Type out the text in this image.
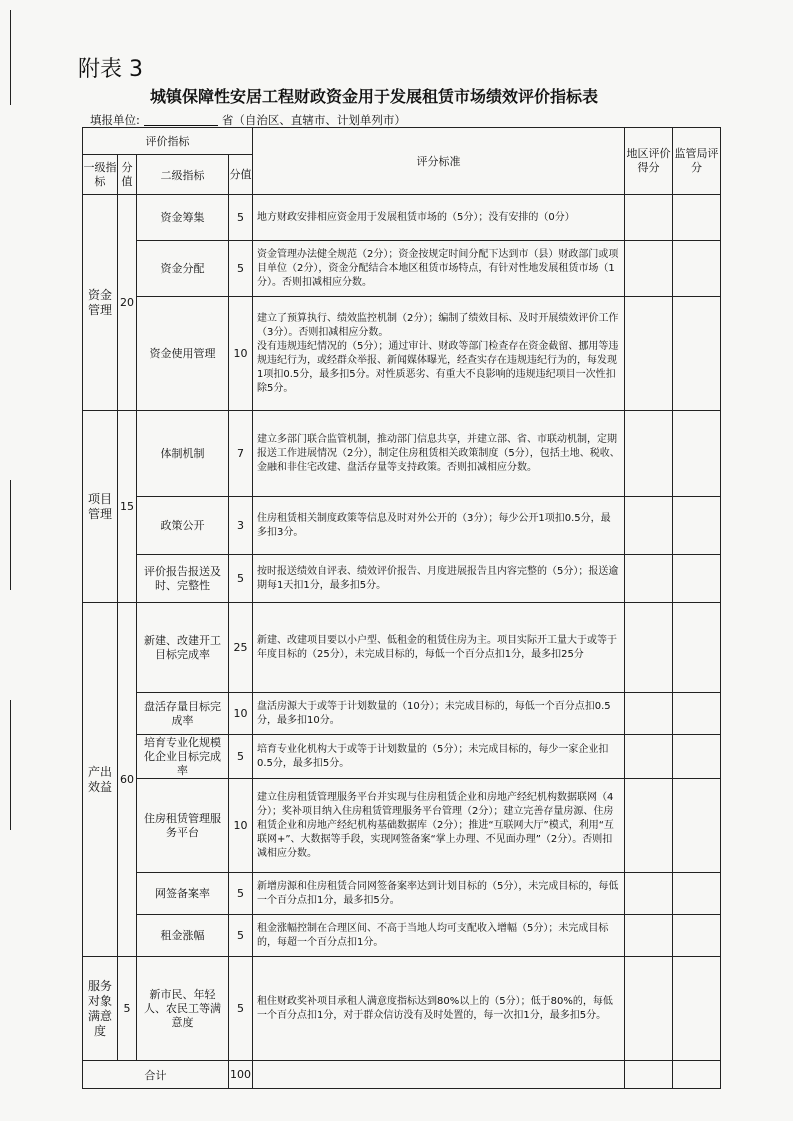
附表 3
城镇保障性安居工程财政资金用于发展租赁市场绩效评价指标表
填报单位:	省（自治区、直辖市、计划单列市）
评价指标				评分标准	地区评价得分	监管局评分
一级指标	分值	二级指标	分值			
资金管理	20	资金筹集	5	地方财政安排相应资金用于发展租赁市场的（5分）；没有安排的（0分）		
		资金分配	5	资金管理办法健全规范（2分）；资金按规定时间分配下达到市（县）财政部门或项目单位（2分），资金分配结合本地区租赁市场特点，有针对性地发展租赁市场（1分）。否则扣减相应分数。		
		资金使用管理	10	建立了预算执行、绩效监控机制（2分）；编制了绩效目标、及时开展绩效评价工作（3分）。否则扣减相应分数。
没有违规违纪情况的（5分）；通过审计、财政等部门检查存在资金截留、挪用等违规违纪行为，或经群众举报、新闻媒体曝光，经查实存在违规违纪行为的，每发现1项扣0.5分，最多扣5分。对性质恶劣、有重大不良影响的违规违纪项目一次性扣除5分。		
项目管理	15	体制机制	7	建立多部门联合监管机制，推动部门信息共享，并建立部、省、市联动机制，定期报送工作进展情况（2分），制定住房租赁相关政策制度（5分），包括土地、税收、金融和非住宅改建、盘活存量等支持政策。否则扣减相应分数。		
		政策公开	3	住房租赁相关制度政策等信息及时对外公开的（3分）；每少公开1项扣0.5分，最多扣3分。		
		评价报告报送及时、完整性	5	按时报送绩效自评表、绩效评价报告、月度进展报告且内容完整的（5分）；报送逾期每1天扣1分，最多扣5分。		
产出效益	60	新建、改建开工目标完成率	25	新建、改建项目要以小户型、低租金的租赁住房为主。项目实际开工量大于或等于年度目标的（25分），未完成目标的，每低一个百分点扣1分，最多扣25分		
		盘活存量目标完成率	10	盘活房源大于或等于计划数量的（10分）；未完成目标的，每低一个百分点扣0.5分，最多扣10分。		
		培育专业化规模化企业目标完成率	5	培育专业化机构大于或等于计划数量的（5分）；未完成目标的，每少一家企业扣0.5分，最多扣5分。		
		住房租赁管理服务平台	10	建立住房租赁管理服务平台并实现与住房租赁企业和房地产经纪机构数据联网（4分）；奖补项目纳入住房租赁管理服务平台管理（2分）；建立完善存量房源、住房租赁企业和房地产经纪机构基础数据库（2分）；推进“互联网大厅”模式，利用“互联网+”、大数据等手段，实现网签备案“掌上办理、不见面办理”（2分）。否则扣减相应分数。		
		网签备案率	5	新增房源和住房租赁合同网签备案率达到计划目标的（5分），未完成目标的，每低一个百分点扣1分，最多扣5分。		
		租金涨幅	5	租金涨幅控制在合理区间、不高于当地人均可支配收入增幅（5分）；未完成目标的，每超一个百分点扣1分。		
服务对象满意度	5	新市民、年轻人、农民工等满意度	5	租住财政奖补项目承租人满意度指标达到80%以上的（5分）；低于80%的，每低一个百分点扣1分，对于群众信访没有及时处置的，每一次扣1分，最多扣5分。		
合计			100			
